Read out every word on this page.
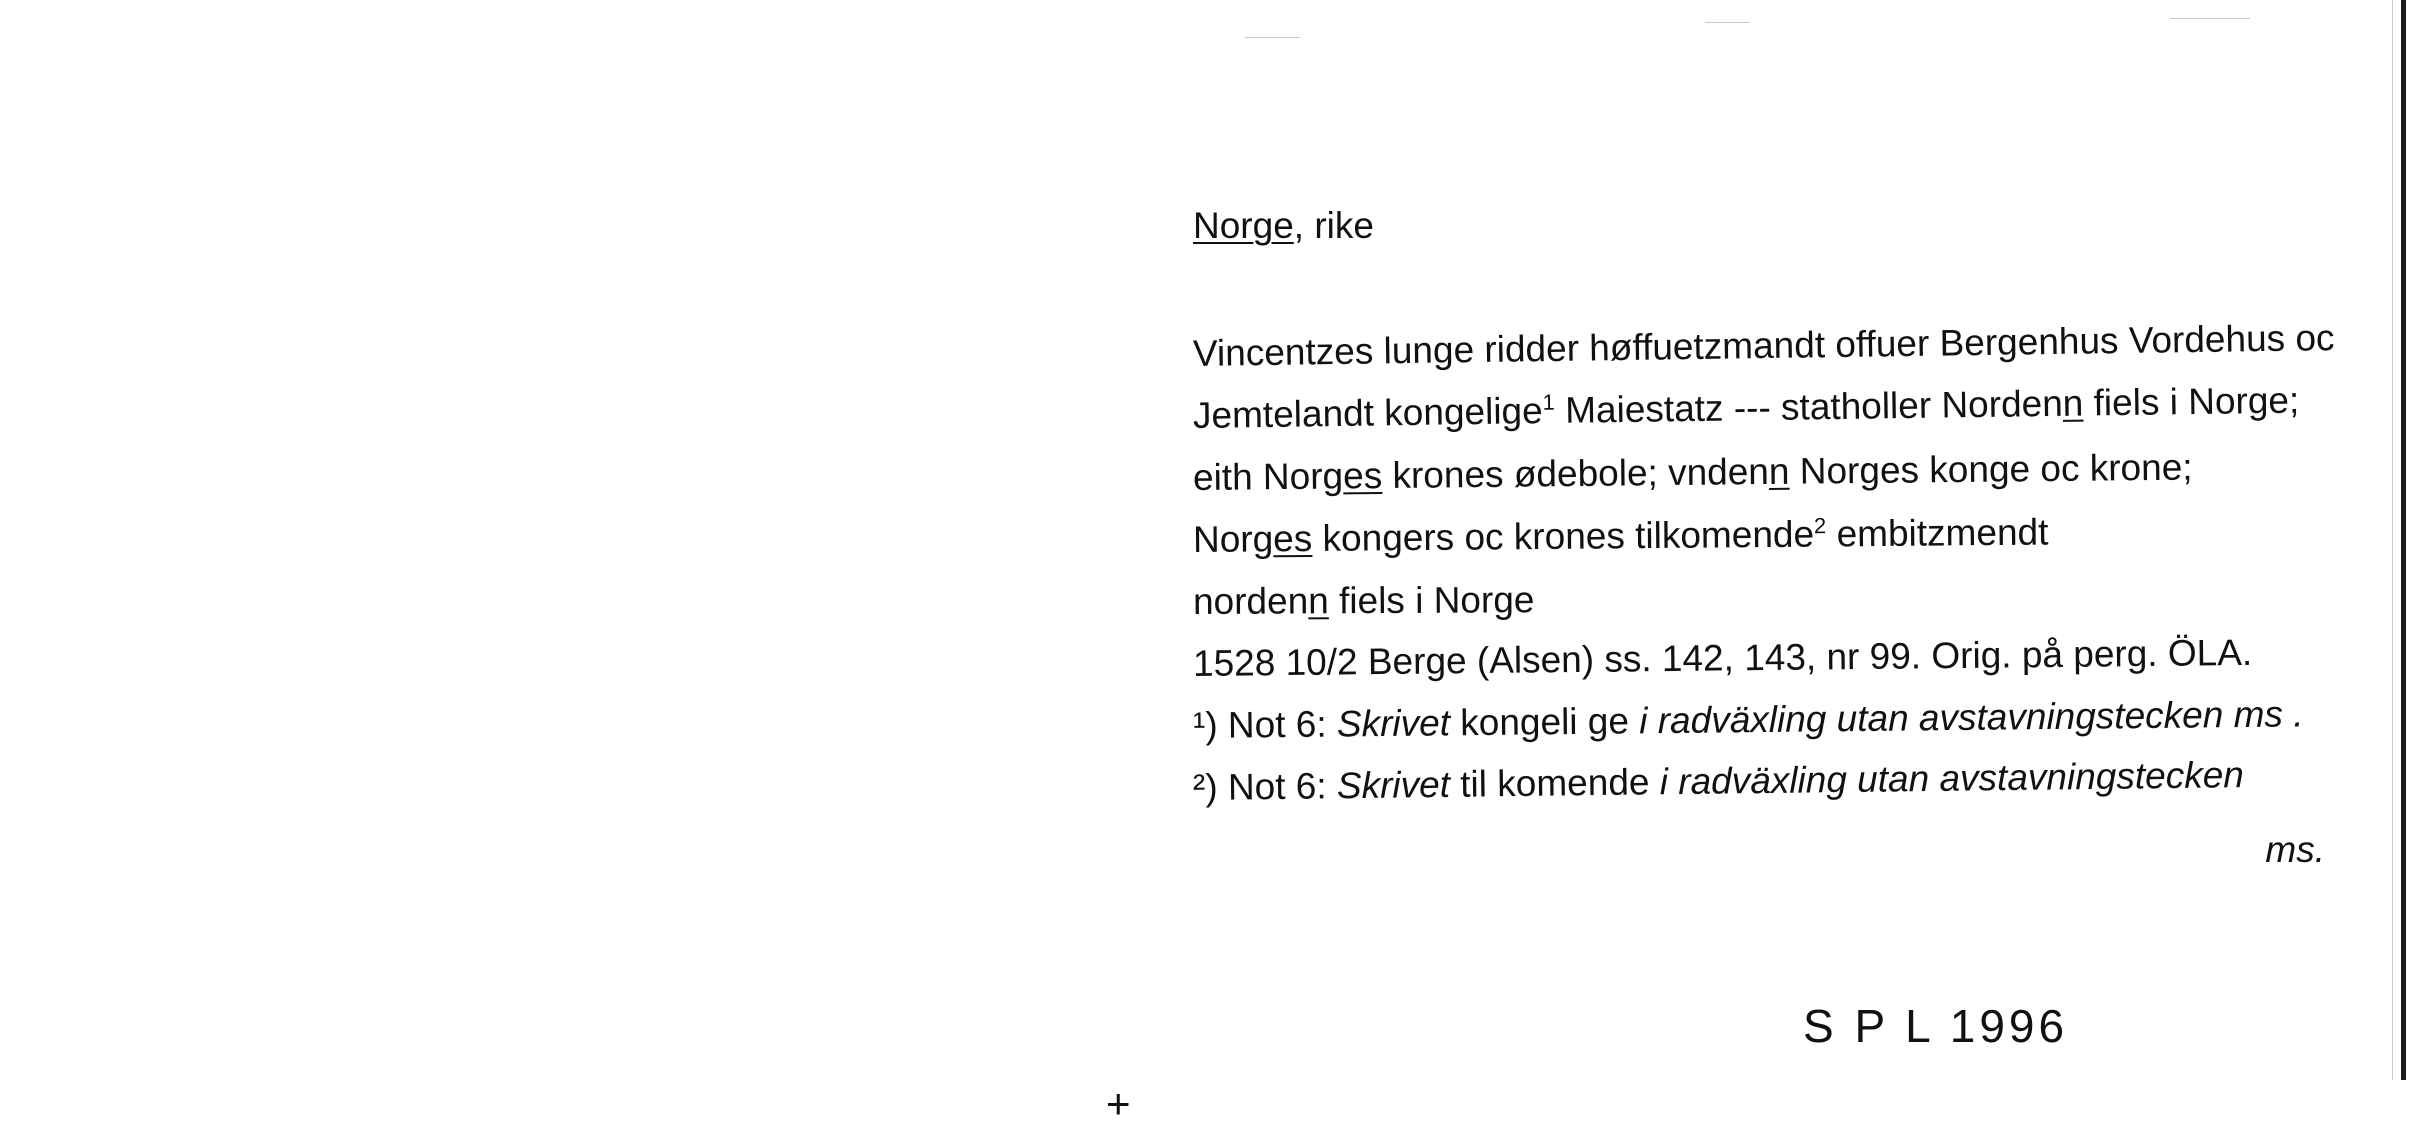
Norge, rike
Vincentzes lunge ridder høffuetzmandt offuer Bergenhus Vordehus oc
Jemtelandt kongelige$^1$ Maiestatz --- statholler Nordenn fiels i Norge;
eith Norges krones ødebole; vndenn Norges konge oc krone;
Norges kongers oc krones tilkomende$^2$ embitzmendt
nordenn fiels i Norge
1528 10/2 Berge (Alsen) ss. 142, 143, nr 99. Orig. på perg. ÖLA.
¹) Not 6: Skrivet kongeli ge i radväxling utan avstavningstecken ms .
²) Not 6: Skrivet til komende i radväxling utan avstavningstecken
ms.
S P L 1996
+
